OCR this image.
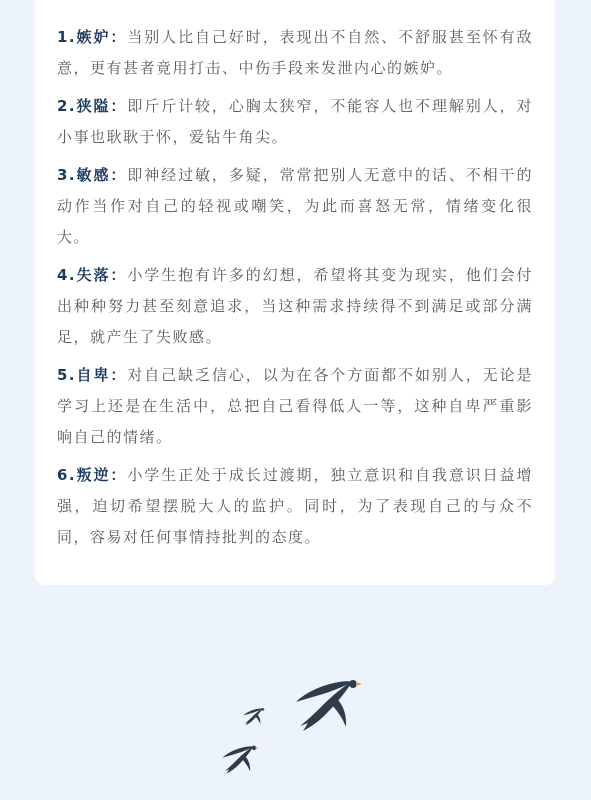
1.嫉妒：当别人比自己好时，表现出不自然、不舒服甚至怀有敌意，更有甚者竟用打击、中伤手段来发泄内心的嫉妒。

2.狭隘：即斤斤计较，心胸太狭窄，不能容人也不理解别人，对小事也耿耿于怀，爱钻牛角尖。

3.敏感：即神经过敏，多疑，常常把别人无意中的话、不相干的动作当作对自己的轻视或嘲笑，为此而喜怒无常，情绪变化很大。

4.失落：小学生抱有许多的幻想，希望将其变为现实，他们会付出种种努力甚至刻意追求，当这种需求持续得不到满足或部分满足，就产生了失败感。

5.自卑：对自己缺乏信心，以为在各个方面都不如别人，无论是学习上还是在生活中，总把自己看得低人一等，这种自卑严重影响自己的情绪。

6.叛逆：小学生正处于成长过渡期，独立意识和自我意识日益增强，迫切希望摆脱大人的监护。同时，为了表现自己的与众不同，容易对任何事情持批判的态度。
